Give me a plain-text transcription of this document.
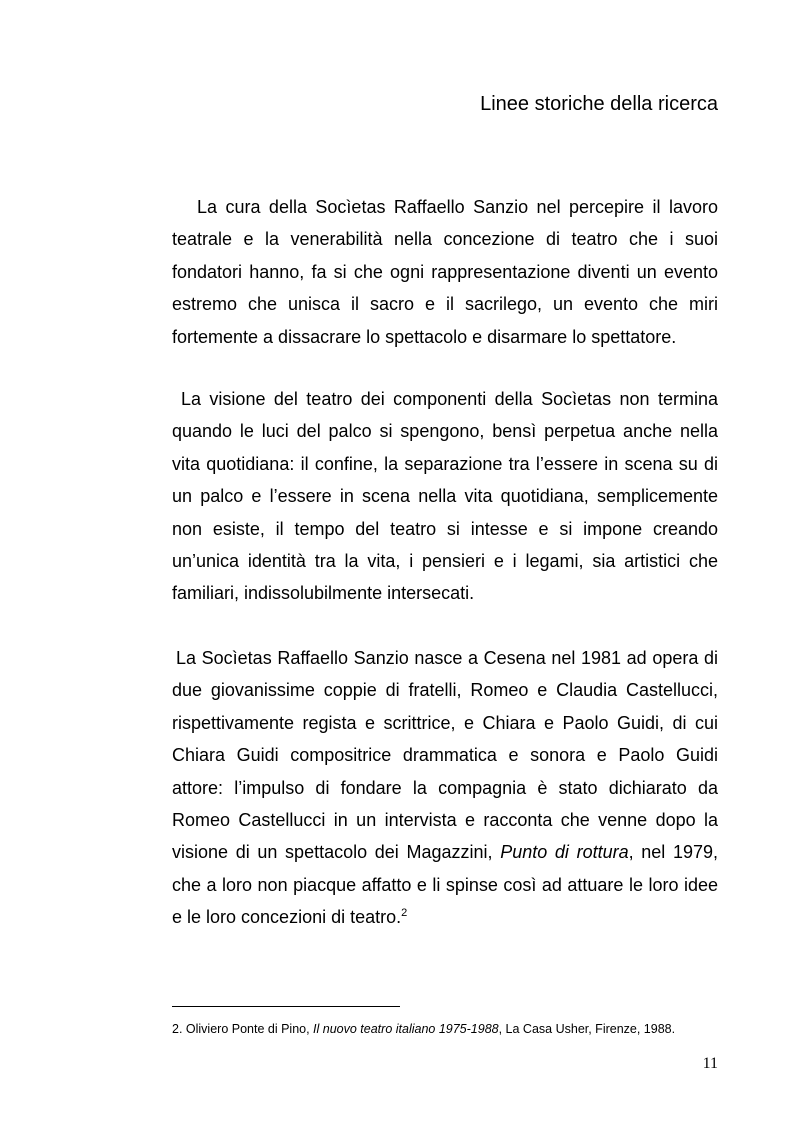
Linee storiche della ricerca

La cura della Socìetas Raffaello Sanzio nel percepire il lavoro teatrale e la venerabilità nella concezione di teatro che i suoi fondatori hanno, fa si che ogni rappresentazione diventi un evento estremo che unisca il sacro e il sacrilego, un evento che miri fortemente a dissacrare lo spettacolo e disarmare lo spettatore.

La visione del teatro dei componenti della Socìetas non termina quando le luci del palco si spengono, bensì perpetua anche nella vita quotidiana: il confine, la separazione tra l’essere in scena su di un palco e l’essere in scena nella vita quotidiana, semplicemente non esiste, il tempo del teatro si intesse e si impone creando un’unica identità tra la vita, i pensieri e i legami, sia artistici che familiari, indissolubilmente intersecati.

La Socìetas Raffaello Sanzio nasce a Cesena nel 1981 ad opera di due giovanissime coppie di fratelli, Romeo e Claudia Castellucci, rispettivamente regista e scrittrice, e Chiara e Paolo Guidi, di cui Chiara Guidi compositrice drammatica e sonora e Paolo Guidi attore: l’impulso di fondare la compagnia è stato dichiarato da Romeo Castellucci in un intervista e racconta che venne dopo la visione di un spettacolo dei Magazzini, Punto di rottura, nel 1979, che a loro non piacque affatto e li spinse così ad attuare le loro idee e le loro concezioni di teatro.$^2$

2. Oliviero Ponte di Pino, Il nuovo teatro italiano 1975-1988, La Casa Usher, Firenze, 1988.

11
